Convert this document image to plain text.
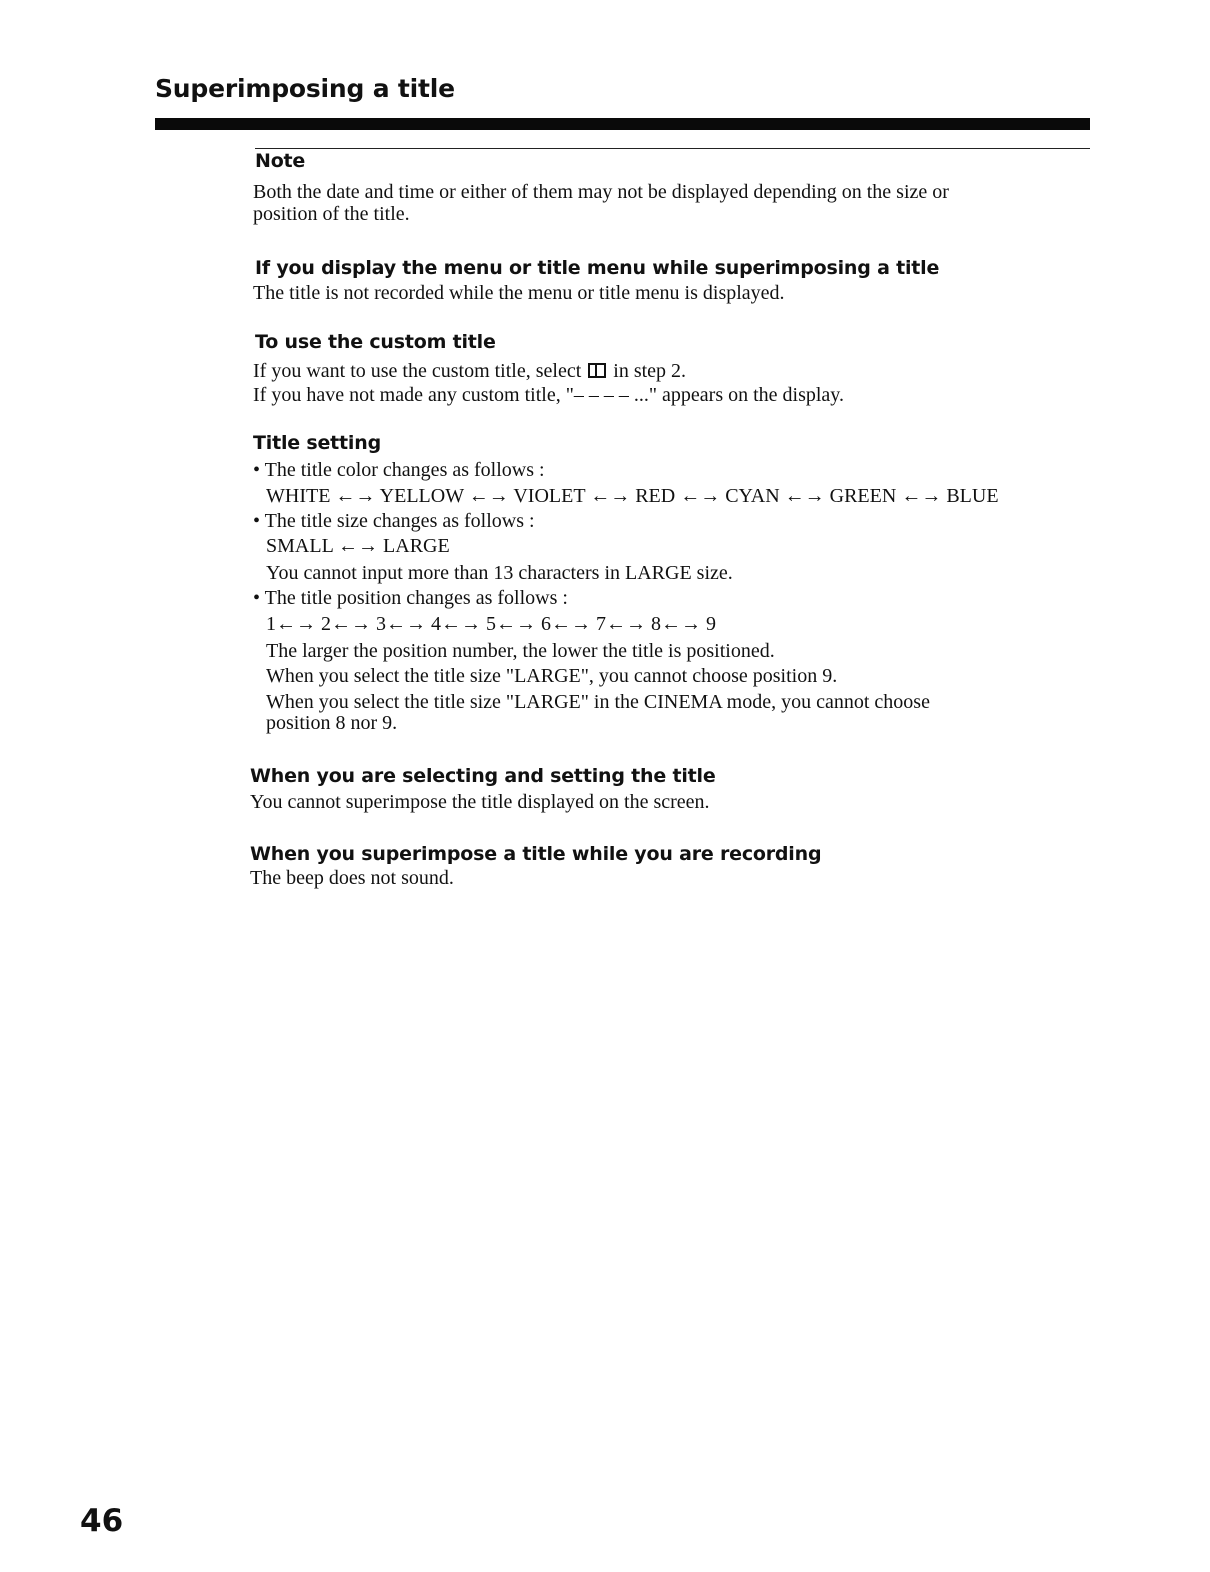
Superimposing a title
Note

Both the date and time or either of them may not be displayed depending on the size or

position of the title.

If you display the menu or title menu while superimposing a title

The title is not recorded while the menu or title menu is displayed.

To use the custom title

If you want to use the custom title, select in step 2.

If you have not made any custom title, "– – – – ..." appears on the display.

Title setting

• The title color changes as follows :

WHITE ←→ YELLOW ←→ VIOLET ←→ RED ←→ CYAN ←→ GREEN ←→ BLUE

• The title size changes as follows :

SMALL ←→ LARGE

You cannot input more than 13 characters in LARGE size.

• The title position changes as follows :

1←→ 2←→ 3←→ 4←→ 5←→ 6←→ 7←→ 8←→ 9

The larger the position number, the lower the title is positioned.

When you select the title size "LARGE", you cannot choose position 9.

When you select the title size "LARGE" in the CINEMA mode, you cannot choose

position 8 nor 9.

When you are selecting and setting the title

You cannot superimpose the title displayed on the screen.

When you superimpose a title while you are recording

The beep does not sound.

46
